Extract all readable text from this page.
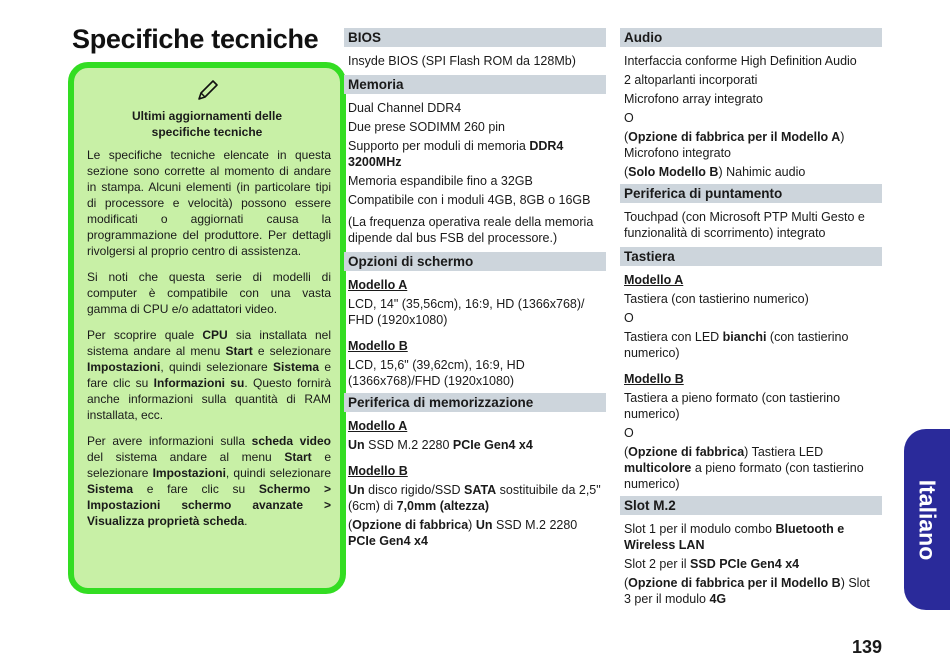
Specifiche tecniche
Ultimi aggiornamenti delle specifiche tecniche

Le specifiche tecniche elencate in questa sezione sono corrette al momento di andare in stampa. Alcuni elementi (in particolare tipi di processore e velocità) possono essere modificati o aggiornati causa la programmazione del produttore. Per dettagli rivolgersi al proprio centro di assistenza.

Si noti che questa serie di modelli di computer è compatibile con una vasta gamma di CPU e/o adattatori video.

Per scoprire quale CPU sia installata nel sistema andare al menu Start e selezionare Impostazioni, quindi selezionare Sistema e fare clic su Informazioni su. Questo fornirà anche informazioni sulla quantità di RAM installata, ecc.

Per avere informazioni sulla scheda video del sistema andare al menu Start e selezionare Impostazioni, quindi selezionare Sistema e fare clic su Schermo > Impostazioni schermo avanzate > Visualizza proprietà scheda.

BIOS
Insyde BIOS (SPI Flash ROM da 128Mb)
Memoria
Dual Channel DDR4
Due prese SODIMM 260 pin
Supporto per moduli di memoria DDR4 3200MHz
Memoria espandibile fino a 32GB
Compatibile con i moduli 4GB, 8GB o 16GB
(La frequenza operativa reale della memoria dipende dal bus FSB del processore.)
Opzioni di schermo
Modello A
LCD, 14" (35,56cm), 16:9, HD (1366x768)/ FHD (1920x1080)
Modello B
LCD, 15,6" (39,62cm), 16:9, HD (1366x768)/FHD (1920x1080)
Periferica di memorizzazione
Modello A
Un SSD M.2 2280 PCIe Gen4 x4
Modello B
Un disco rigido/SSD SATA sostituibile da 2,5" (6cm) di 7,0mm (altezza)
(Opzione di fabbrica) Un SSD M.2 2280 PCIe Gen4 x4
Audio
Interfaccia conforme High Definition Audio
2 altoparlanti incorporati
Microfono array integrato
O
(Opzione di fabbrica per il Modello A) Microfono integrato
(Solo Modello B) Nahimic audio
Periferica di puntamento
Touchpad (con Microsoft PTP Multi Gesto e funzionalità di scorrimento) integrato
Tastiera
Modello A
Tastiera (con tastierino numerico)
O
Tastiera con LED bianchi (con tastierino numerico)
Modello B
Tastiera a pieno formato (con tastierino numerico)
O
(Opzione di fabbrica) Tastiera LED multicolore a pieno formato (con tastierino numerico)
Slot M.2
Slot 1 per il modulo combo Bluetooth e Wireless LAN
Slot 2 per il SSD PCIe Gen4 x4
(Opzione di fabbrica per il Modello B) Slot 3 per il modulo 4G
Italiano
139
